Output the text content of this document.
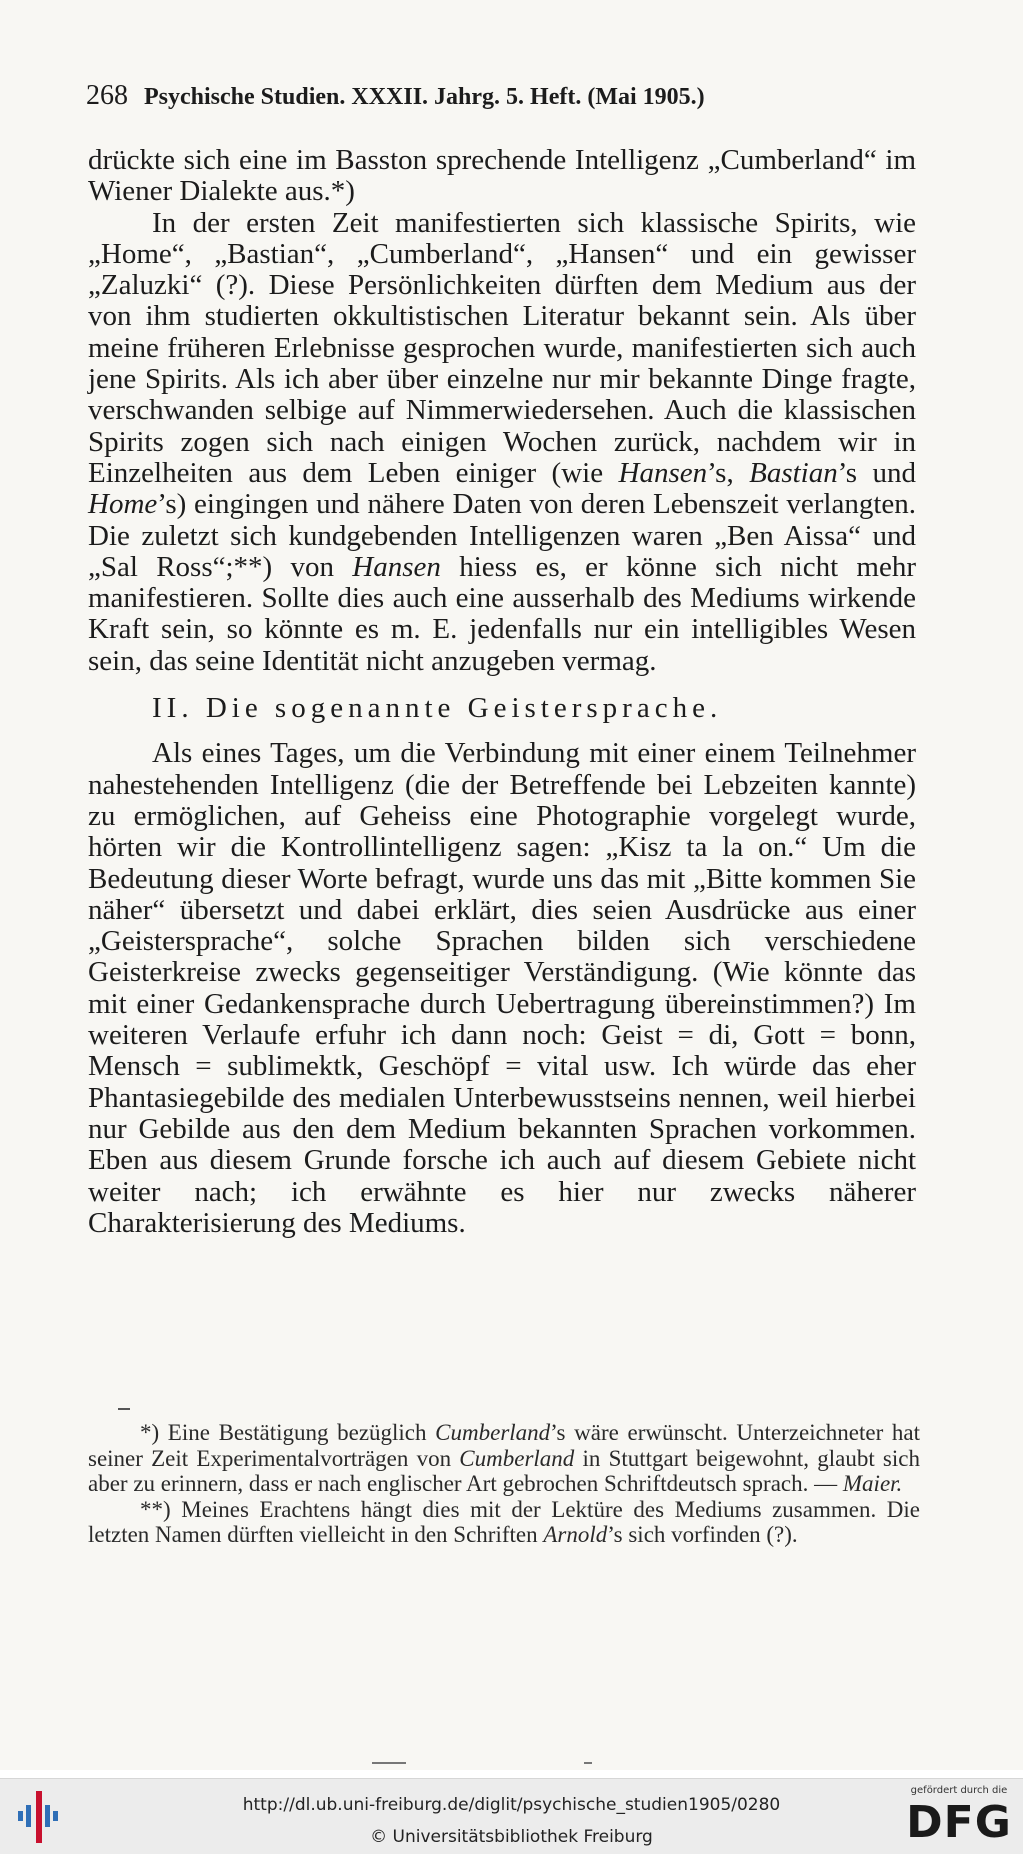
268 Psychische Studien. XXXII. Jahrg. 5. Heft. (Mai 1905.)

drückte sich eine im Basston sprechende Intelligenz „Cumberland“ im Wiener Dialekte aus.*)

In der ersten Zeit manifestierten sich klassische Spirits, wie „Home“, „Bastian“, „Cumberland“, „Hansen“ und ein gewisser „Zaluzki“ (?). Diese Persönlichkeiten dürften dem Medium aus der von ihm studierten okkultistischen Literatur bekannt sein. Als über meine früheren Erlebnisse gesprochen wurde, manifestierten sich auch jene Spirits. Als ich aber über einzelne nur mir bekannte Dinge fragte, verschwanden selbige auf Nimmerwiedersehen. Auch die klassischen Spirits zogen sich nach einigen Wochen zurück, nachdem wir in Einzelheiten aus dem Leben einiger (wie Hansen’s, Bastian’s und Home’s) eingingen und nähere Daten von deren Lebenszeit verlangten. Die zuletzt sich kundgebenden Intelligenzen waren „Ben Aissa“ und „Sal Ross“;**) von Hansen hiess es, er könne sich nicht mehr manifestieren. Sollte dies auch eine ausserhalb des Mediums wirkende Kraft sein, so könnte es m. E. jedenfalls nur ein intelligibles Wesen sein, das seine Identität nicht anzugeben vermag.

II. Die sogenannte Geistersprache.

Als eines Tages, um die Verbindung mit einer einem Teilnehmer nahestehenden Intelligenz (die der Betreffende bei Lebzeiten kannte) zu ermöglichen, auf Geheiss eine Photographie vorgelegt wurde, hörten wir die Kontrollintelligenz sagen: „Kisz ta la on.“ Um die Bedeutung dieser Worte befragt, wurde uns das mit „Bitte kommen Sie näher“ übersetzt und dabei erklärt, dies seien Ausdrücke aus einer „Geistersprache“, solche Sprachen bilden sich verschiedene Geisterkreise zwecks gegenseitiger Verständigung. (Wie könnte das mit einer Gedankensprache durch Uebertragung übereinstimmen?) Im weiteren Verlaufe erfuhr ich dann noch: Geist = di, Gott = bonn, Mensch = sublimektk, Geschöpf = vital usw. Ich würde das eher Phantasiegebilde des medialen Unterbewusstseins nennen, weil hierbei nur Gebilde aus den dem Medium bekannten Sprachen vorkommen. Eben aus diesem Grunde forsche ich auch auf diesem Gebiete nicht weiter nach; ich erwähnte es hier nur zwecks näherer Charakterisierung des Mediums.

*) Eine Bestätigung bezüglich Cumberland’s wäre erwünscht. Unterzeichneter hat seiner Zeit Experimentalvorträgen von Cumberland in Stuttgart beigewohnt, glaubt sich aber zu erinnern, dass er nach englischer Art gebrochen Schriftdeutsch sprach. — Maier.

**) Meines Erachtens hängt dies mit der Lektüre des Mediums zusammen. Die letzten Namen dürften vielleicht in den Schriften Arnold’s sich vorfinden (?).

http://dl.ub.uni-freiburg.de/diglit/psychische_studien1905/0280
© Universitätsbibliothek Freiburg
gefördert durch die
DFG
